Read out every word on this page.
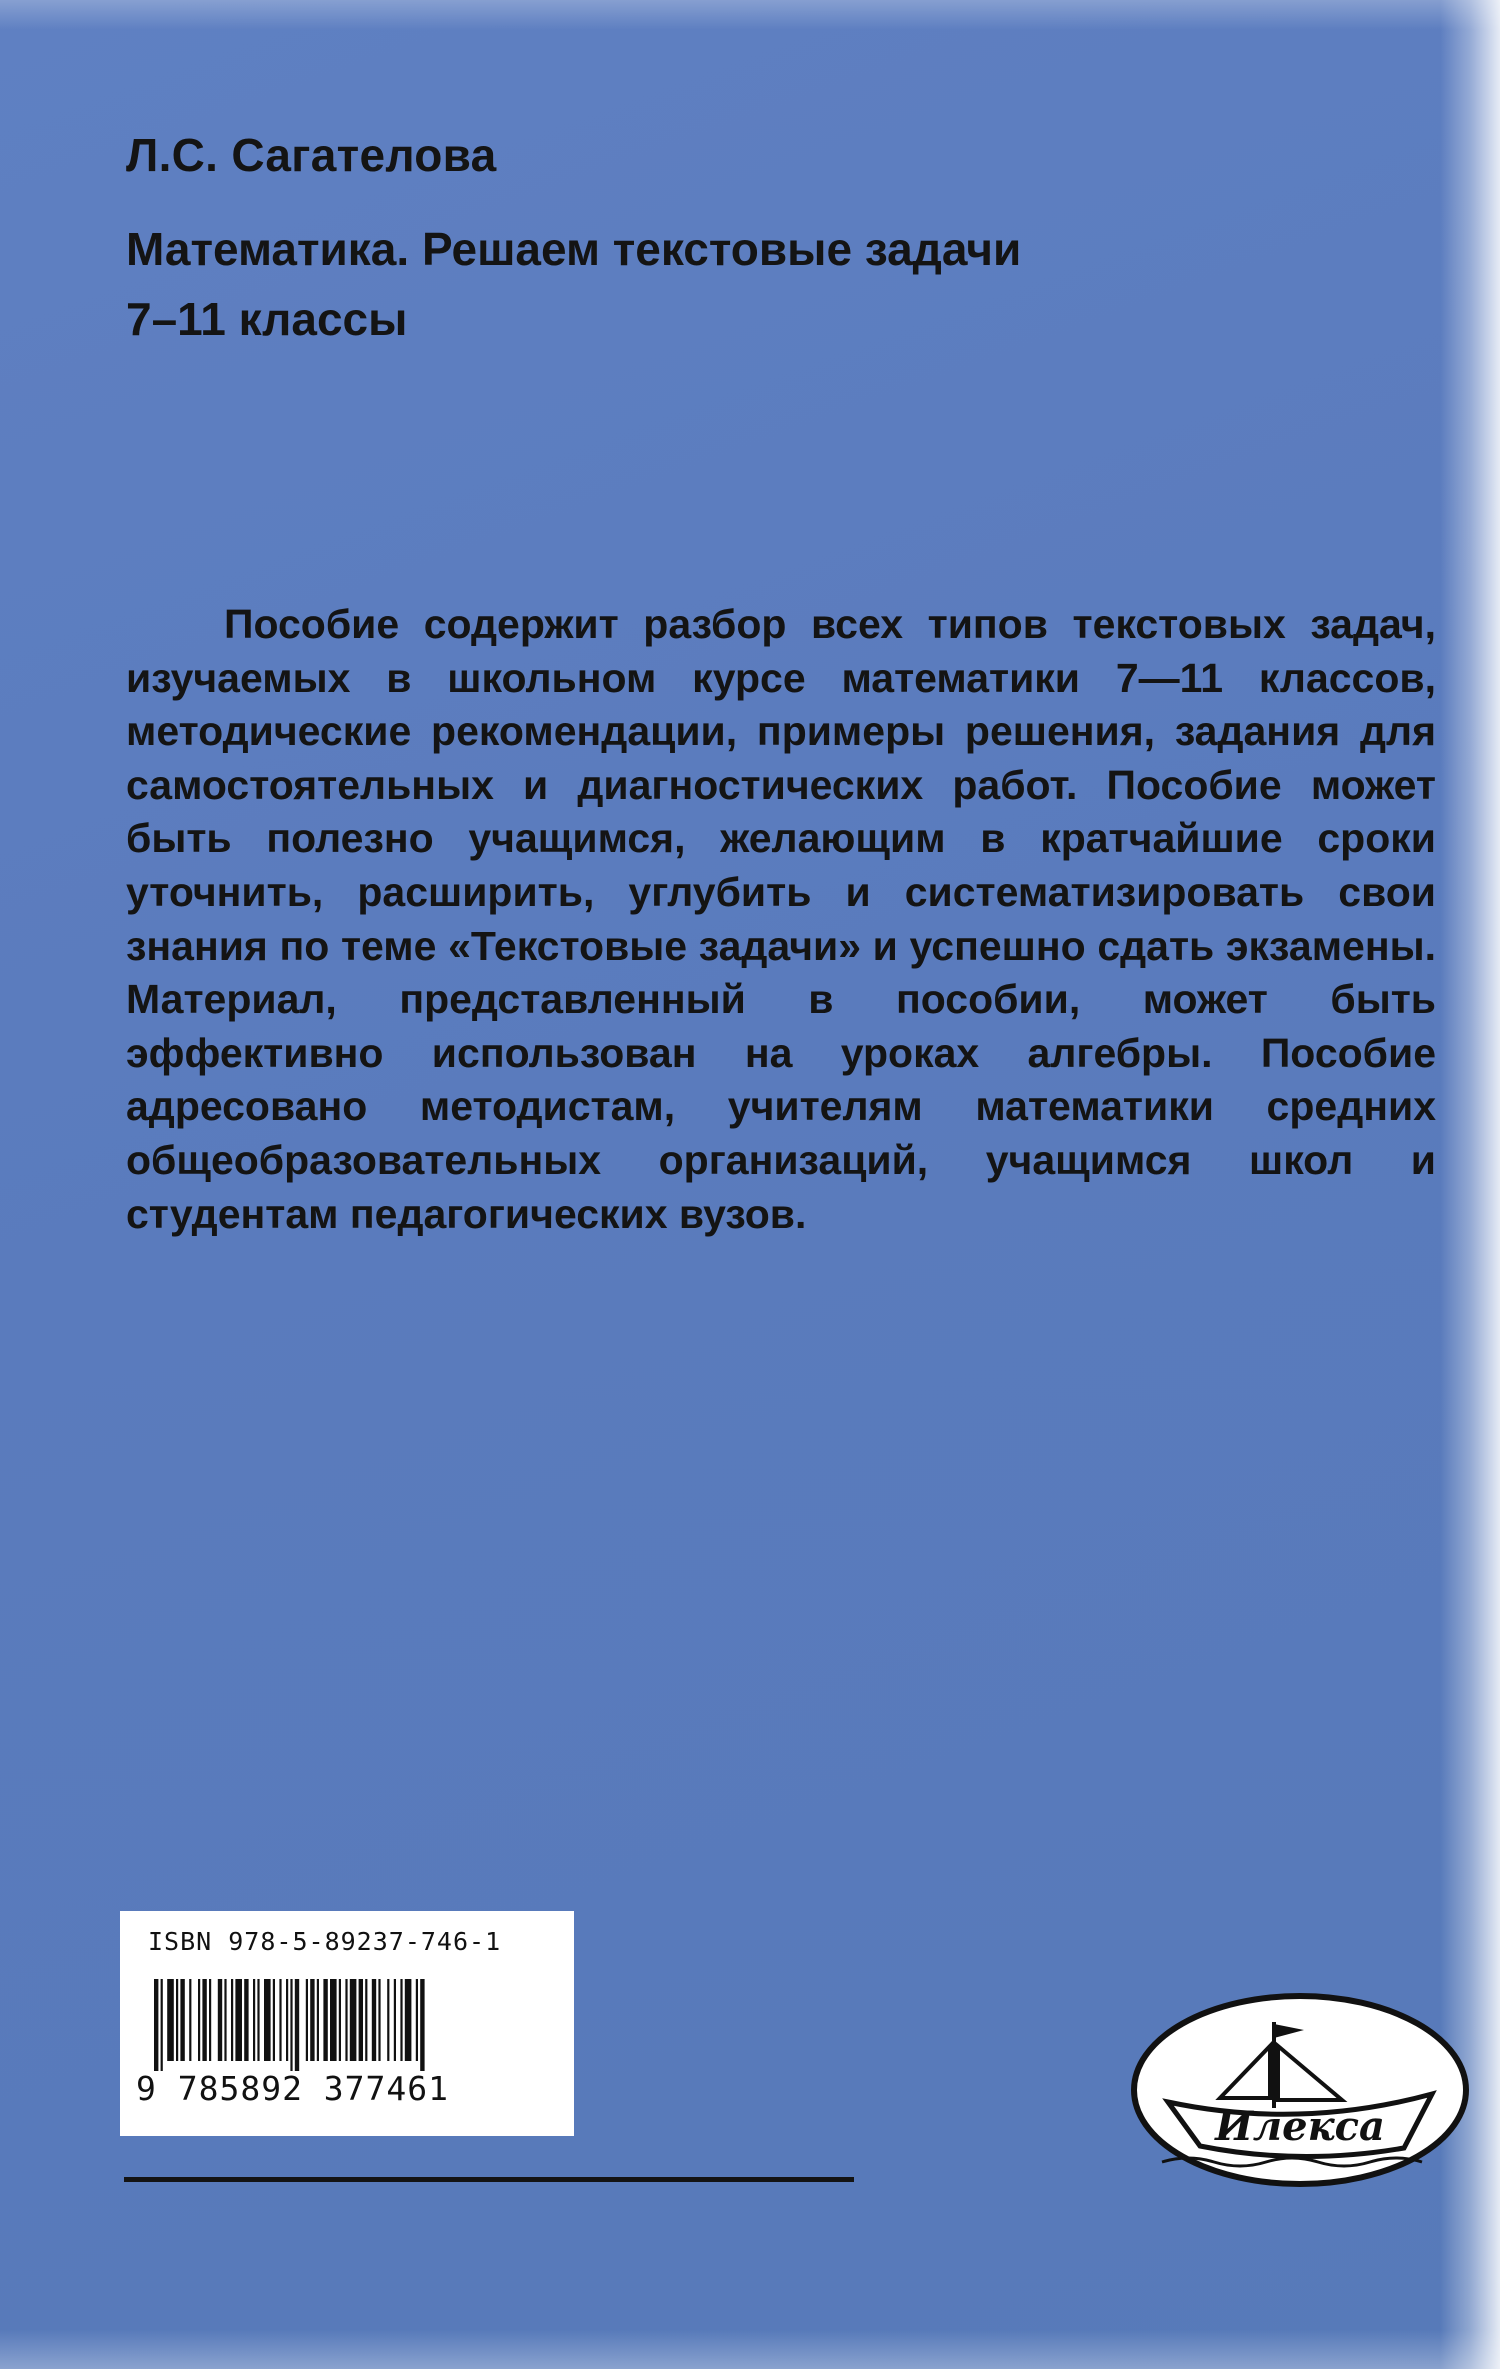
Л.С. Сагателова
Математика. Решаем текстовые задачи
7–11 классы

Пособие содержит разбор всех типов текстовых задач, изучаемых в школьном курсе математики 7—11 классов, методические рекомендации, примеры решения, задания для самостоятельных и диагностических работ. Пособие может быть полезно учащимся, желающим в кратчайшие сроки уточнить, расширить, углубить и систематизировать свои знания по теме «Текстовые задачи» и успешно сдать экзамены. Материал, представленный в пособии, может быть эффективно использован на уроках алгебры. Пособие адресовано методистам, учителям математики средних общеобразовательных организаций, учащимся школ и студентам педагогических вузов.

ISBN 978-5-89237-746-1
9 785892 377461
Илекса
